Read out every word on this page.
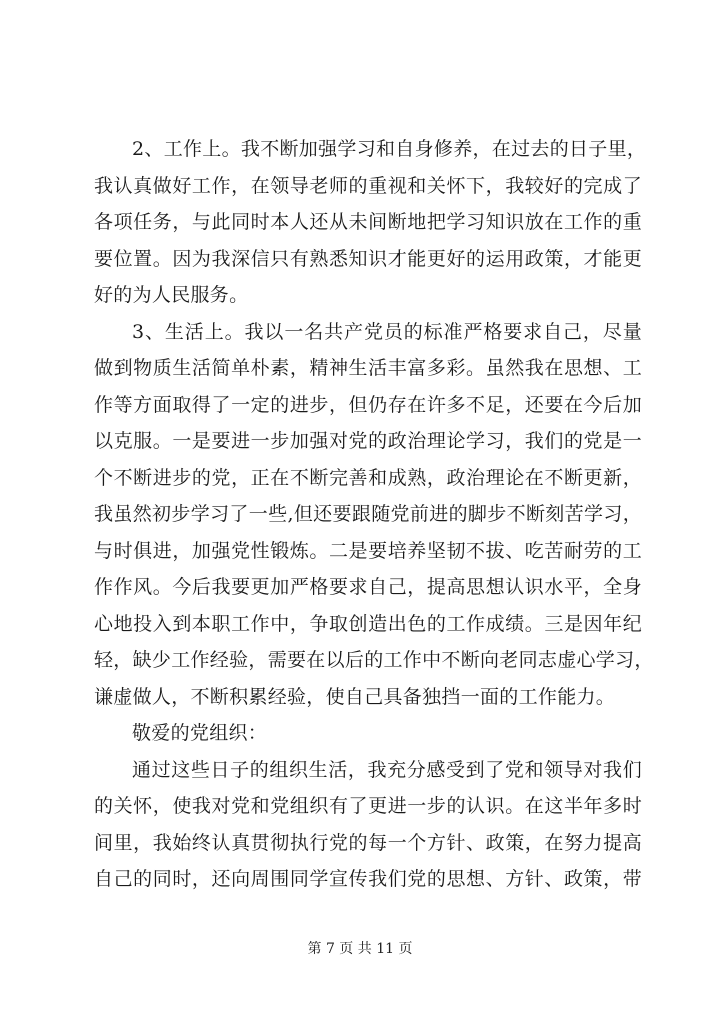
2、工作上。我不断加强学习和自身修养，在过去的日子里，
我认真做好工作，在领导老师的重视和关怀下，我较好的完成了
各项任务，与此同时本人还从未间断地把学习知识放在工作的重
要位置。因为我深信只有熟悉知识才能更好的运用政策，才能更
好的为人民服务。
3、生活上。我以一名共产党员的标准严格要求自己，尽量
做到物质生活简单朴素，精神生活丰富多彩。虽然我在思想、工
作等方面取得了一定的进步，但仍存在许多不足，还要在今后加
以克服。一是要进一步加强对党的政治理论学习，我们的党是一
个不断进步的党，正在不断完善和成熟，政治理论在不断更新，
我虽然初步学习了一些,但还要跟随党前进的脚步不断刻苦学习，
与时俱进，加强党性锻炼。二是要培养坚韧不拔、吃苦耐劳的工
作作风。今后我要更加严格要求自己，提高思想认识水平，全身
心地投入到本职工作中，争取创造出色的工作成绩。三是因年纪
轻，缺少工作经验，需要在以后的工作中不断向老同志虚心学习，
谦虚做人，不断积累经验，使自己具备独挡一面的工作能力。
敬爱的党组织：
通过这些日子的组织生活，我充分感受到了党和领导对我们
的关怀，使我对党和党组织有了更进一步的认识。在这半年多时
间里，我始终认真贯彻执行党的每一个方针、政策，在努力提高
自己的同时，还向周围同学宣传我们党的思想、方针、政策，带
第 7 页 共 11 页
